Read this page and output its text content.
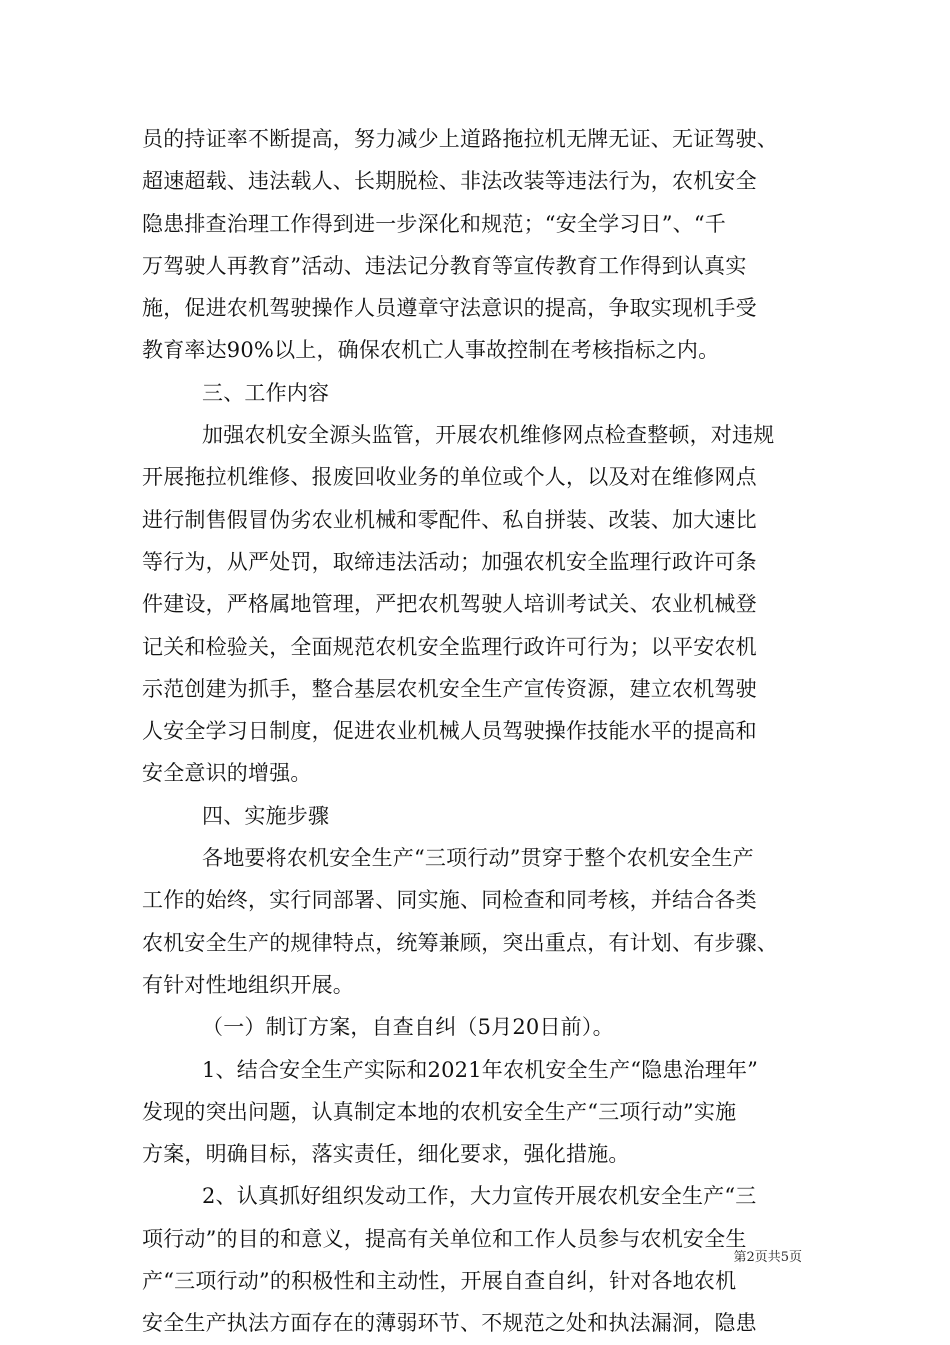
员的持证率不断提高，努力减少上道路拖拉机无牌无证、无证驾驶、
超速超载、违法载人、长期脱检、非法改装等违法行为，农机安全
隐患排查治理工作得到进一步深化和规范；“安全学习日”、“千
万驾驶人再教育”活动、违法记分教育等宣传教育工作得到认真实
施，促进农机驾驶操作人员遵章守法意识的提高，争取实现机手受
教育率达90%以上，确保农机亡人事故控制在考核指标之内。
三、工作内容
加强农机安全源头监管，开展农机维修网点检查整顿，对违规
开展拖拉机维修、报废回收业务的单位或个人，以及对在维修网点
进行制售假冒伪劣农业机械和零配件、私自拼装、改装、加大速比
等行为，从严处罚，取缔违法活动；加强农机安全监理行政许可条
件建设，严格属地管理，严把农机驾驶人培训考试关、农业机械登
记关和检验关，全面规范农机安全监理行政许可行为；以平安农机
示范创建为抓手，整合基层农机安全生产宣传资源，建立农机驾驶
人安全学习日制度，促进农业机械人员驾驶操作技能水平的提高和
安全意识的增强。
四、实施步骤
各地要将农机安全生产“三项行动”贯穿于整个农机安全生产
工作的始终，实行同部署、同实施、同检查和同考核，并结合各类
农机安全生产的规律特点，统筹兼顾，突出重点，有计划、有步骤、
有针对性地组织开展。
（一）制订方案，自查自纠（5月20日前）。
1、结合安全生产实际和2021年农机安全生产“隐患治理年”
发现的突出问题，认真制定本地的农机安全生产“三项行动”实施
方案，明确目标，落实责任，细化要求，强化措施。
2、认真抓好组织发动工作，大力宣传开展农机安全生产“三
项行动”的目的和意义，提高有关单位和工作人员参与农机安全生
产“三项行动”的积极性和主动性，开展自查自纠，针对各地农机
安全生产执法方面存在的薄弱环节、不规范之处和执法漏洞，隐患
第2页共5页
